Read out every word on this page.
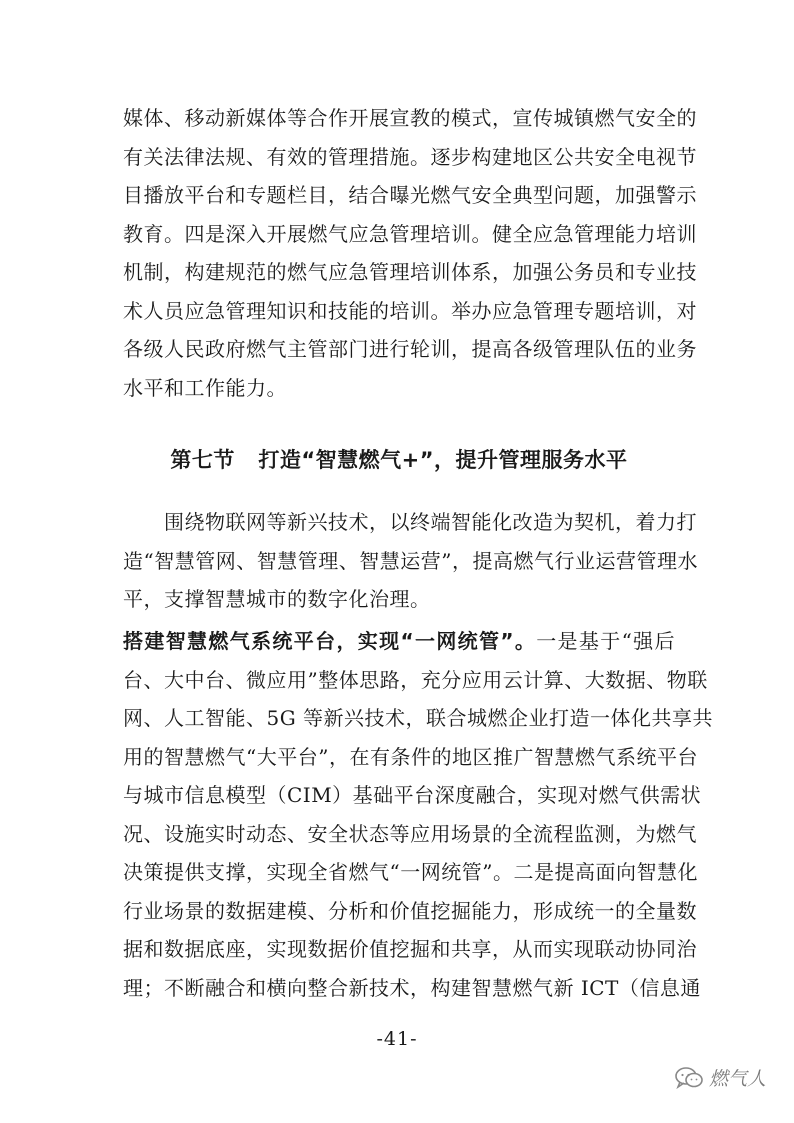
媒体、移动新媒体等合作开展宣教的模式，宣传城镇燃气安全的
有关法律法规、有效的管理措施。逐步构建地区公共安全电视节
目播放平台和专题栏目，结合曝光燃气安全典型问题，加强警示
教育。四是深入开展燃气应急管理培训。健全应急管理能力培训
机制，构建规范的燃气应急管理培训体系，加强公务员和专业技
术人员应急管理知识和技能的培训。举办应急管理专题培训，对
各级人民政府燃气主管部门进行轮训，提高各级管理队伍的业务
水平和工作能力。
第七节   打造“智慧燃气+”，提升管理服务水平
　　围绕物联网等新兴技术，以终端智能化改造为契机，着力打
造“智慧管网、智慧管理、智慧运营”，提高燃气行业运营管理水
平，支撑智慧城市的数字化治理。
搭建智慧燃气系统平台，实现“一网统管”。一是基于“强后
台、大中台、微应用”整体思路，充分应用云计算、大数据、物联
网、人工智能、5G 等新兴技术，联合城燃企业打造一体化共享共
用的智慧燃气“大平台”，在有条件的地区推广智慧燃气系统平台
与城市信息模型（CIM）基础平台深度融合，实现对燃气供需状
况、设施实时动态、安全状态等应用场景的全流程监测，为燃气
决策提供支撑，实现全省燃气“一网统管”。二是提高面向智慧化
行业场景的数据建模、分析和价值挖掘能力，形成统一的全量数
据和数据底座，实现数据价值挖掘和共享，从而实现联动协同治
理；不断融合和横向整合新技术，构建智慧燃气新 ICT（信息通
-41-
燃气人
